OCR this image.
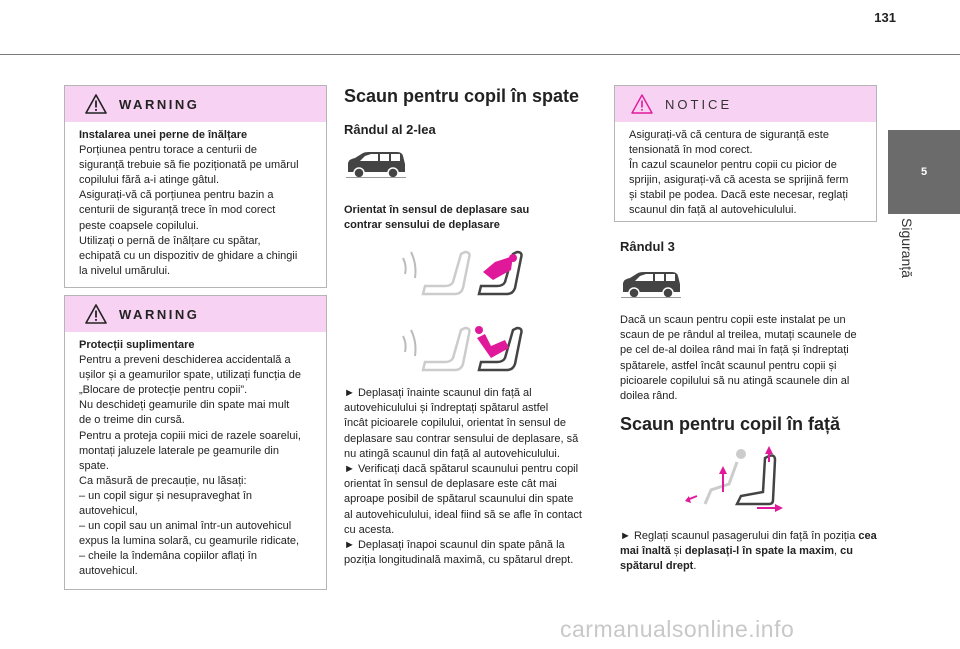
131
5
Siguranță
WARNING

Instalarea unei perne de înălțare

Porțiunea pentru torace a centurii de
siguranță trebuie să fie poziționată pe umărul
copilului fără a-i atinge gâtul.
Asigurați-vă că porțiunea pentru bazin a
centurii de siguranță trece în mod corect
peste coapsele copilului.
Utilizați o pernă de înălțare cu spătar,
echipată cu un dispozitiv de ghidare a chingii
la nivelul umărului.

WARNING

Protecții suplimentare

Pentru a preveni deschiderea accidentală a
ușilor și a geamurilor spate, utilizați funcția de
„Blocare de protecție pentru copii”.
Nu deschideți geamurile din spate mai mult
de o treime din cursă.
Pentru a proteja copiii mici de razele soarelui,
montați jaluzele laterale pe geamurile din
spate.
Ca măsură de precauție, nu lăsați:
– un copil sigur și nesupraveghat în
autovehicul,
– un copil sau un animal într-un autovehicul
expus la lumina solară, cu geamurile ridicate,
– cheile la îndemâna copiilor aflați în
autovehicul.

Scaun pentru copil în spate
Rândul al 2-lea
Orientat în sensul de deplasare sau
contrar sensului de deplasare
► Deplasați înainte scaunul din față al
autovehiculului și îndreptați spătarul astfel
încât picioarele copilului, orientat în sensul de
deplasare sau contrar sensului de deplasare, să
nu atingă scaunul din față al autovehiculului.
► Verificați dacă spătarul scaunului pentru copil
orientat în sensul de deplasare este cât mai
aproape posibil de spătarul scaunului din spate
al autovehiculului, ideal fiind să se afle în contact
cu acesta.
► Deplasați înapoi scaunul din spate până la
poziția longitudinală maximă, cu spătarul drept.
NOTICE

Asigurați-vă că centura de siguranță este
tensionată în mod corect.
În cazul scaunelor pentru copii cu picior de
sprijin, asigurați-vă că acesta se sprijină ferm
și stabil pe podea. Dacă este necesar, reglați
scaunul din față al autovehiculului.

Rândul 3
Dacă un scaun pentru copii este instalat pe un
scaun de pe rândul al treilea, mutați scaunele de
pe cel de-al doilea rând mai în față și îndreptați
spătarele, astfel încât scaunul pentru copii și
picioarele copilului să nu atingă scaunele din al
doilea rând.
Scaun pentru copil în față
► Reglați scaunul pasagerului din față în poziția cea mai înaltă și deplasați-l în spate la maxim, cu spătarul drept.
carmanualsonline.info
